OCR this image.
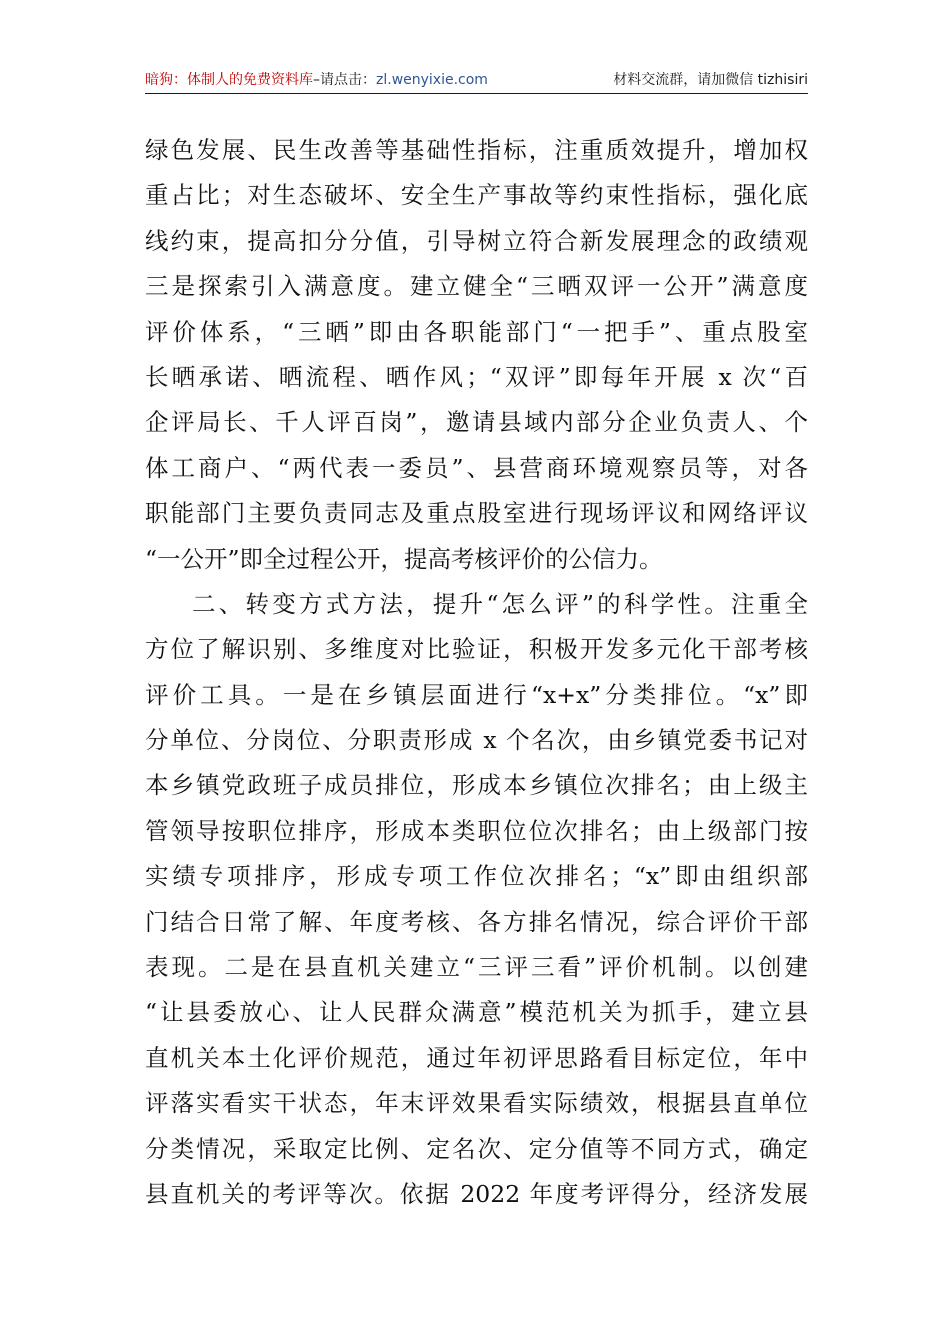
暗狗：体制人的免费资料库–请点击：zl.wenyixie.com	材料交流群，请加微信 tizhisiri
绿色发展、民生改善等基础性指标，注重质效提升，增加权
重占比；对生态破坏、安全生产事故等约束性指标，强化底
线约束，提高扣分分值，引导树立符合新发展理念的政绩观
三是探索引入满意度。建立健全“三晒双评一公开”满意度
评价体系，“三晒”即由各职能部门“一把手”、重点股室
长晒承诺、晒流程、晒作风；“双评”即每年开展 x 次“百
企评局长、千人评百岗”，邀请县域内部分企业负责人、个
体工商户、“两代表一委员”、县营商环境观察员等，对各
职能部门主要负责同志及重点股室进行现场评议和网络评议
“一公开”即全过程公开，提高考核评价的公信力。
二、转变方式方法，提升“怎么评”的科学性。注重全
方位了解识别、多维度对比验证，积极开发多元化干部考核
评价工具。一是在乡镇层面进行“x+x”分类排位。“x”即
分单位、分岗位、分职责形成 x 个名次，由乡镇党委书记对
本乡镇党政班子成员排位，形成本乡镇位次排名；由上级主
管领导按职位排序，形成本类职位位次排名；由上级部门按
实绩专项排序，形成专项工作位次排名；“x”即由组织部
门结合日常了解、年度考核、各方排名情况，综合评价干部
表现。二是在县直机关建立“三评三看”评价机制。以创建
“让县委放心、让人民群众满意”模范机关为抓手，建立县
直机关本土化评价规范，通过年初评思路看目标定位，年中
评落实看实干状态，年末评效果看实际绩效，根据县直单位
分类情况，采取定比例、定名次、定分值等不同方式，确定
县直机关的考评等次。依据 2022 年度考评得分，经济发展
